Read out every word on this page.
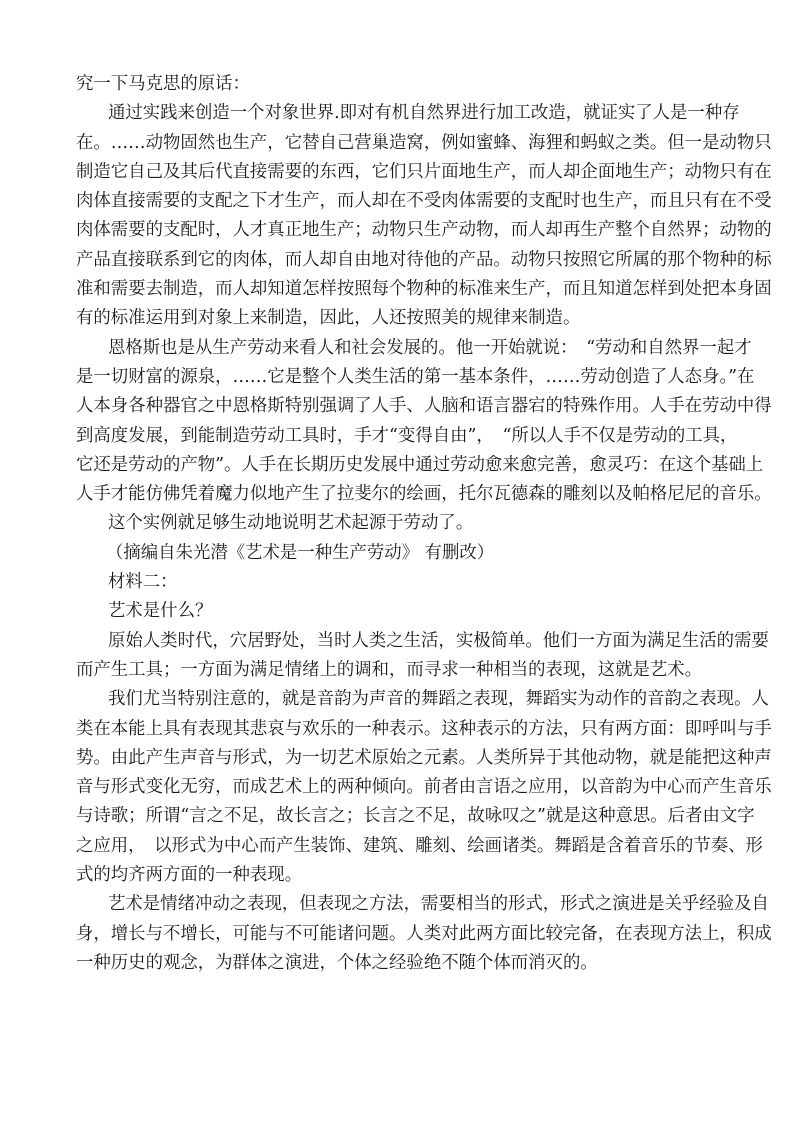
究一下马克思的原话：
通过实践来创造一个对象世界.即对有机自然界进行加工改造，就证实了人是一种存
在。……动物固然也生产，它替自己营巢造窝，例如蜜蜂、海狸和蚂蚁之类。但一是动物只
制造它自己及其后代直接需要的东西，它们只片面地生产，而人却企面地生产；动物只有在
肉体直接需要的支配之下才生产，而人却在不受肉体需要的支配时也生产，而且只有在不受
肉体需要的支配时，人才真正地生产；动物只生产动物，而人却再生产整个自然界；动物的
产品直接联系到它的肉体，而人却自由地对待他的产品。动物只按照它所属的那个物种的标
准和需要去制造，而人却知道怎样按照每个物种的标准来生产，而且知道怎样到处把本身固
有的标准运用到对象上来制造，因此，人还按照美的规律来制造。
恩格斯也是从生产劳动来看人和社会发展的。他一开始就说：　“劳动和自然界一起才
是一切财富的源泉，……它是整个人类生活的第一基本条件，……劳动创造了人态身。”在
人本身各种器官之中恩格斯特别强调了人手、人脑和语言器宕的特殊作用。人手在劳动中得
到高度发展，到能制造劳动工具时，手才“变得自由”，　“所以人手不仅是劳动的工具，
它还是劳动的产物”。人手在长期历史发展中通过劳动愈来愈完善，愈灵巧：在这个基础上
人手才能仿佛凭着魔力似地产生了拉斐尔的绘画，托尔瓦德森的雕刻以及帕格尼尼的音乐。
这个实例就足够生动地说明艺术起源于劳动了。
（摘编自朱光潜《艺术是一种生产劳动》 有删改）
材料二：
艺术是什么？
原始人类时代，穴居野处，当时人类之生活，实极简单。他们一方面为满足生活的需要
而产生工具；一方面为满足情绪上的调和，而寻求一种相当的表现，这就是艺术。
我们尤当特别注意的，就是音韵为声音的舞蹈之表现，舞蹈实为动作的音韵之表现。人
类在本能上具有表现其悲哀与欢乐的一种表示。这种表示的方法，只有两方面：即呼叫与手
势。由此产生声音与形式，为一切艺术原始之元素。人类所异于其他动物，就是能把这种声
音与形式变化无穷，而成艺术上的两种倾向。前者由言语之应用，以音韵为中心而产生音乐
与诗歌；所谓“言之不足，故长言之；长言之不足，故咏叹之”就是这种意思。后者由文字
之应用，　以形式为中心而产生装饰、建筑、雕刻、绘画诸类。舞蹈是含着音乐的节奏、形
式的均齐两方面的一种表现。
艺术是情绪冲动之表现，但表现之方法，需要相当的形式，形式之演进是关乎经验及自
身，增长与不增长，可能与不可能诸问题。人类对此两方面比较完备，在表现方法上，积成
一种历史的观念，为群体之演进，个体之经验绝不随个体而消灭的。
